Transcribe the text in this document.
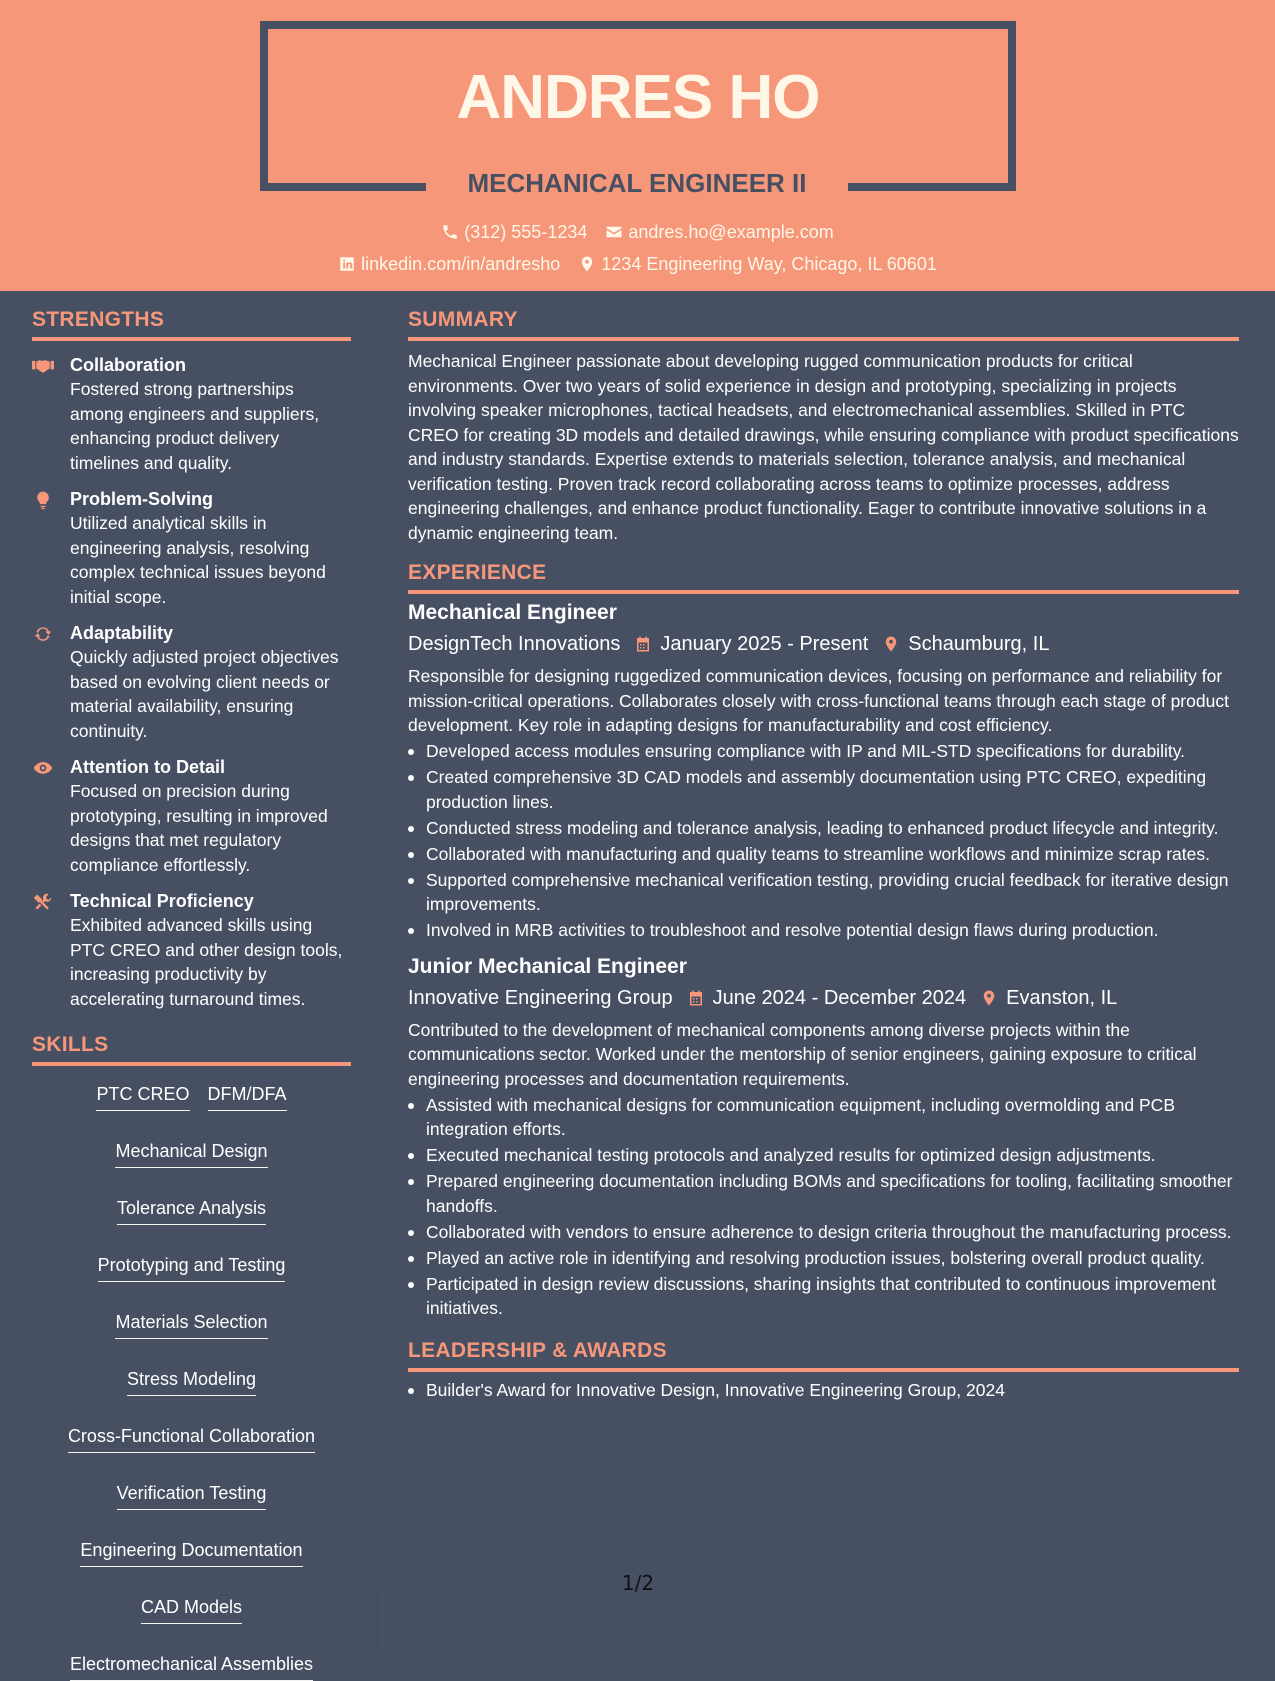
ANDRES HO
MECHANICAL ENGINEER II
(312) 555-1234 andres.ho@example.com
linkedin.com/in/andresho 1234 Engineering Way, Chicago, IL 60601
STRENGTHS
Collaboration
Fostered strong partnerships among engineers and suppliers, enhancing product delivery timelines and quality.
Problem-Solving
Utilized analytical skills in engineering analysis, resolving complex technical issues beyond initial scope.
Adaptability
Quickly adjusted project objectives based on evolving client needs or material availability, ensuring continuity.
Attention to Detail
Focused on precision during prototyping, resulting in improved designs that met regulatory compliance effortlessly.
Technical Proficiency
Exhibited advanced skills using PTC CREO and other design tools, increasing productivity by accelerating turnaround times.
SKILLS
PTC CREO DFM/DFA
Mechanical Design
Tolerance Analysis
Prototyping and Testing
Materials Selection
Stress Modeling
Cross-Functional Collaboration
Verification Testing
Engineering Documentation
CAD Models
Electromechanical Assemblies
SUMMARY
Mechanical Engineer passionate about developing rugged communication products for critical environments. Over two years of solid experience in design and prototyping, specializing in projects involving speaker microphones, tactical headsets, and electromechanical assemblies. Skilled in PTC CREO for creating 3D models and detailed drawings, while ensuring compliance with product specifications and industry standards. Expertise extends to materials selection, tolerance analysis, and mechanical verification testing. Proven track record collaborating across teams to optimize processes, address engineering challenges, and enhance product functionality. Eager to contribute innovative solutions in a dynamic engineering team.
EXPERIENCE
Mechanical Engineer
DesignTech Innovations January 2025 - Present Schaumburg, IL
Responsible for designing ruggedized communication devices, focusing on performance and reliability for mission-critical operations. Collaborates closely with cross-functional teams through each stage of product development. Key role in adapting designs for manufacturability and cost efficiency.
Developed access modules ensuring compliance with IP and MIL-STD specifications for durability.
Created comprehensive 3D CAD models and assembly documentation using PTC CREO, expediting production lines.
Conducted stress modeling and tolerance analysis, leading to enhanced product lifecycle and integrity.
Collaborated with manufacturing and quality teams to streamline workflows and minimize scrap rates.
Supported comprehensive mechanical verification testing, providing crucial feedback for iterative design improvements.
Involved in MRB activities to troubleshoot and resolve potential design flaws during production.
Junior Mechanical Engineer
Innovative Engineering Group June 2024 - December 2024 Evanston, IL
Contributed to the development of mechanical components among diverse projects within the communications sector. Worked under the mentorship of senior engineers, gaining exposure to critical engineering processes and documentation requirements.
Assisted with mechanical designs for communication equipment, including overmolding and PCB integration efforts.
Executed mechanical testing protocols and analyzed results for optimized design adjustments.
Prepared engineering documentation including BOMs and specifications for tooling, facilitating smoother handoffs.
Collaborated with vendors to ensure adherence to design criteria throughout the manufacturing process.
Played an active role in identifying and resolving production issues, bolstering overall product quality.
Participated in design review discussions, sharing insights that contributed to continuous improvement initiatives.
LEADERSHIP & AWARDS
Builder's Award for Innovative Design, Innovative Engineering Group, 2024
1/2
